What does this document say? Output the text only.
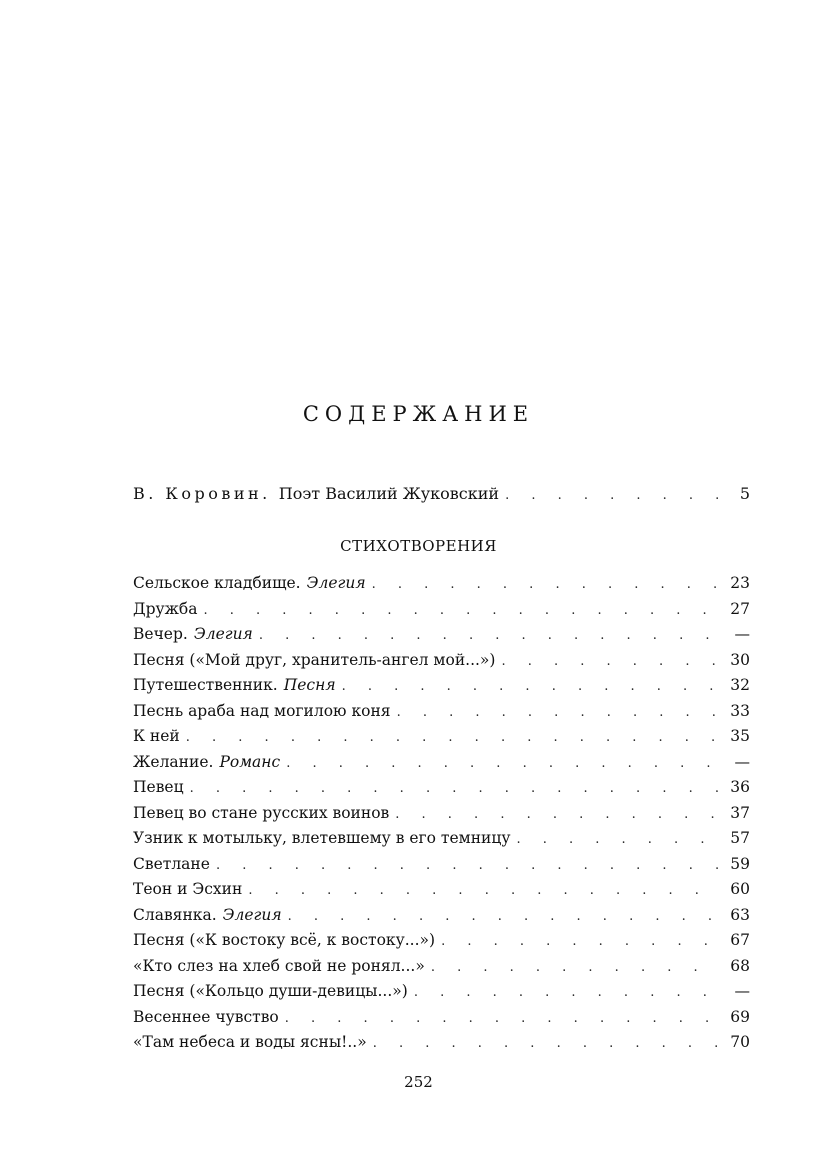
СОДЕРЖАНИЕ
В. Коровин. Поэт Василий Жуковский . . .	5
СТИХОТВОРЕНИЯ
Сельское кладбище. Элегия . . .	23
Дружба . . .	27
Вечер. Элегия . . .	—
Песня («Мой друг, хранитель-ангел мой...») . . .	30
Путешественник. Песня . . .	32
Песнь араба над могилою коня . . .	33
К ней . . .	35
Желание. Романс . . .	—
Певец . . .	36
Певец во стане русских воинов . . .	37
Узник к мотыльку, влетевшему в его темницу . . .	57
Светлане . . .	59
Теон и Эсхин . . .	60
Славянка. Элегия . . .	63
Песня («К востоку всё, к востоку...») . . .	67
«Кто слез на хлеб свой не ронял...» . . .	68
Песня («Кольцо души-девицы...») . . .	—
Весеннее чувство . . .	69
«Там небеса и воды ясны!..» . . .	70
252
